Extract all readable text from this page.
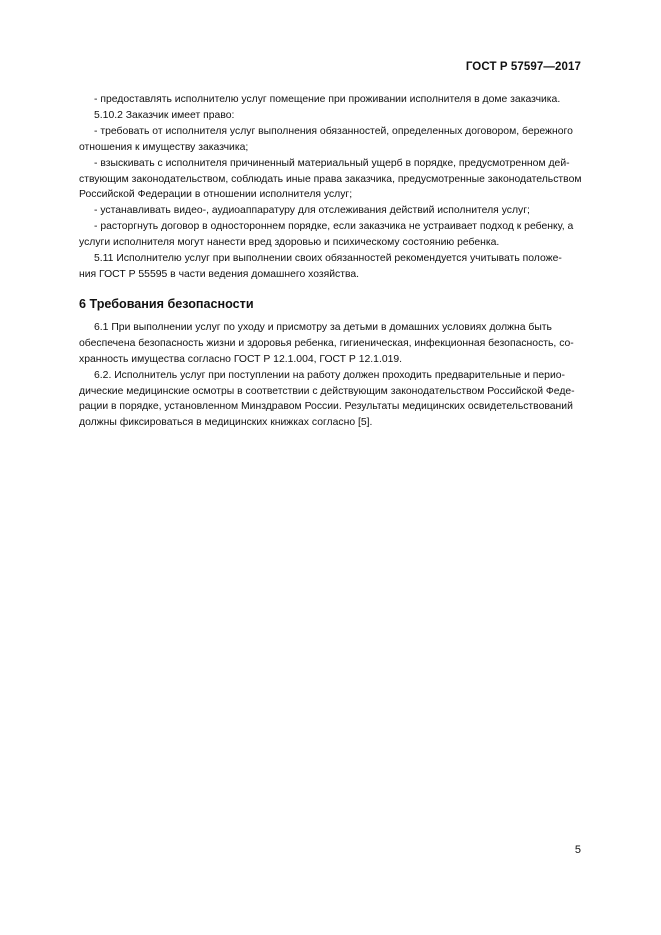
ГОСТ Р 57597—2017

- предоставлять исполнителю услуг помещение при проживании исполнителя в доме заказчика.

5.10.2 Заказчик имеет право:

- требовать от исполнителя услуг выполнения обязанностей, определенных договором, бережного

отношения к имуществу заказчика;

- взыскивать с исполнителя причиненный материальный ущерб в порядке, предусмотренном дей-

ствующим законодательством, соблюдать иные права заказчика, предусмотренные законодательством

Российской Федерации в отношении исполнителя услуг;

- устанавливать видео-, аудиоаппаратуру для отслеживания действий исполнителя услуг;

- расторгнуть договор в одностороннем порядке, если заказчика не устраивает подход к ребенку, а

услуги исполнителя могут нанести вред здоровью и психическому состоянию ребенка.

5.11 Исполнителю услуг при выполнении своих обязанностей рекомендуется учитывать положе-

ния ГОСТ Р 55595 в части ведения домашнего хозяйства.

6 Требования безопасности

6.1 При выполнении услуг по уходу и присмотру за детьми в домашних условиях должна быть

обеспечена безопасность жизни и здоровья ребенка, гигиеническая, инфекционная безопасность, со-

хранность имущества согласно ГОСТ Р 12.1.004, ГОСТ Р 12.1.019.

6.2. Исполнитель услуг при поступлении на работу должен проходить предварительные и перио-

дические медицинские осмотры в соответствии с действующим законодательством Российской Феде-

рации в порядке, установленном Минздравом России. Результаты медицинских освидетельствований

должны фиксироваться в медицинских книжках согласно [5].

5
